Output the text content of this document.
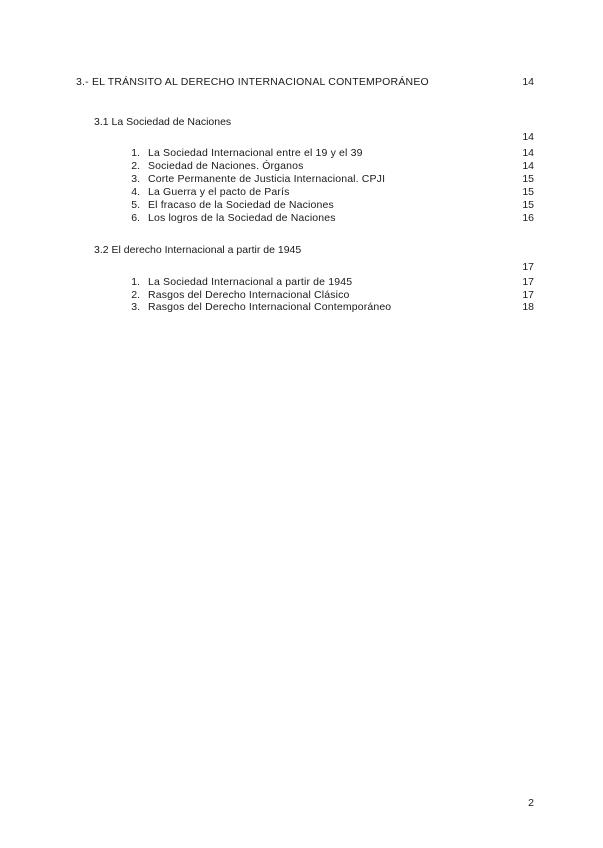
3.- EL TRÁNSITO AL DERECHO INTERNACIONAL CONTEMPORÁNEO	14
3.1 La Sociedad de Naciones
14
1. La Sociedad Internacional entre el 19 y el 39	14
2. Sociedad de Naciones. Órganos	14
3. Corte Permanente de Justicia Internacional. CPJI	15
4. La Guerra y el pacto de París	15
5. El fracaso de la Sociedad de Naciones	15
6. Los logros de la Sociedad de Naciones	16
3.2 El derecho Internacional a partir de 1945
17
1. La Sociedad Internacional a partir de 1945	17
2. Rasgos del Derecho Internacional Clásico	17
3. Rasgos del Derecho Internacional Contemporáneo	18
2
